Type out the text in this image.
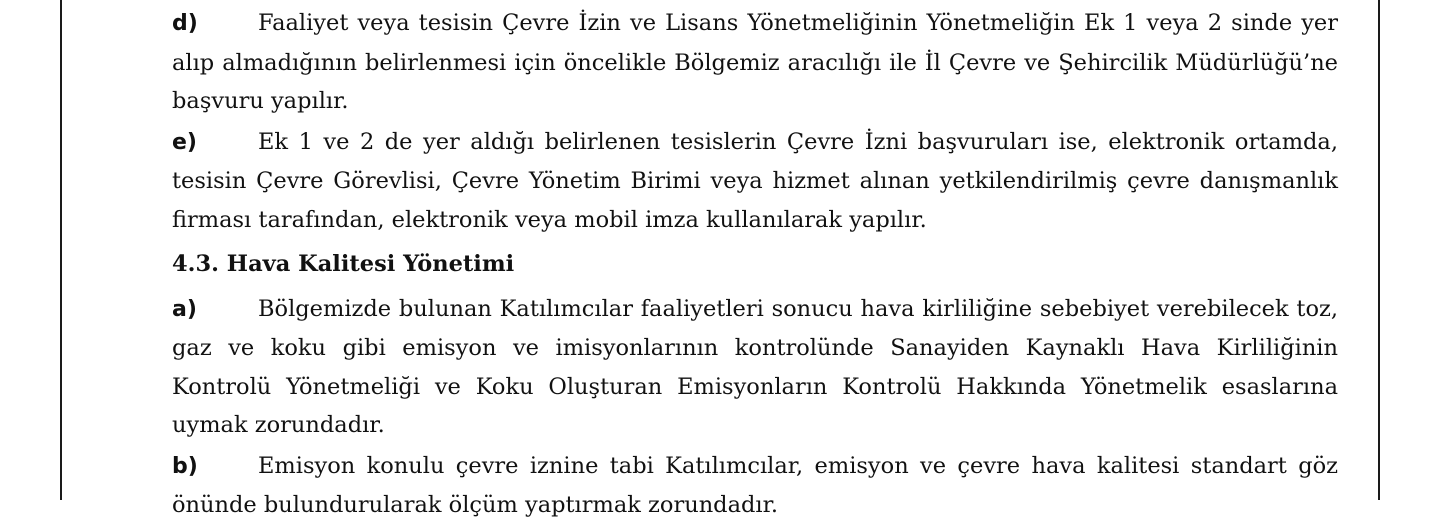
d)	Faaliyet veya tesisin Çevre İzin ve Lisans Yönetmeliğinin Yönetmeliğin Ek 1 veya 2 sinde yer alıp almadığının belirlenmesi için öncelikle Bölgemiz aracılığı ile İl Çevre ve Şehircilik Müdürlüğü’ne başvuru yapılır.

e)	Ek 1 ve 2 de yer aldığı belirlenen tesislerin Çevre İzni başvuruları ise, elektronik ortamda, tesisin Çevre Görevlisi, Çevre Yönetim Birimi veya hizmet alınan yetkilendirilmiş çevre danışmanlık firması tarafından, elektronik veya mobil imza kullanılarak yapılır.

4.3. Hava Kalitesi Yönetimi

a)	Bölgemizde bulunan Katılımcılar faaliyetleri sonucu hava kirliliğine sebebiyet verebilecek toz, gaz ve koku gibi emisyon ve imisyonlarının kontrolünde Sanayiden Kaynaklı Hava Kirliliğinin Kontrolü Yönetmeliği ve Koku Oluşturan Emisyonların Kontrolü Hakkında Yönetmelik esaslarına uymak zorundadır.

b)	Emisyon konulu çevre iznine tabi Katılımcılar, emisyon ve çevre hava kalitesi standart göz önünde bulundurularak ölçüm yaptırmak zorundadır.
